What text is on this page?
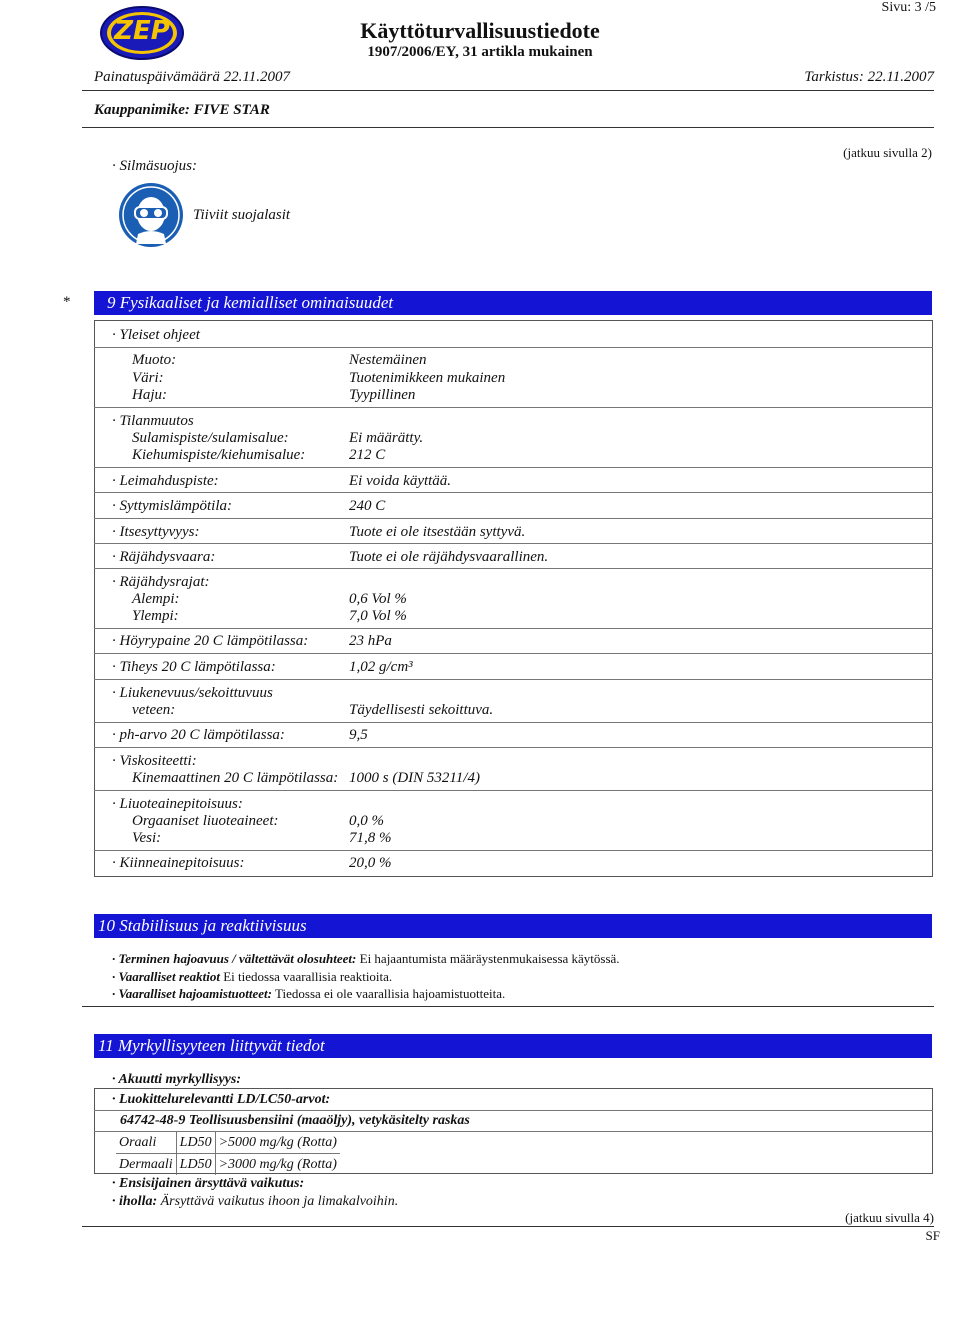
ZEP
Sivu: 3 /5
Käyttöturvallisuustiedote
1907/2006/EY, 31 artikla mukainen
Painatuspäivämäärä 22.11.2007	Tarkistus: 22.11.2007
Kauppanimike: FIVE STAR
· Silmäsuojus:
(jatkuu sivulla 2)
Tiiviit suojalasit
*	9 Fysikaaliset ja kemialliset ominaisuudet
· Yleiset ohjeet
Muoto:	Nestemäinen
Väri:	Tuotenimikkeen mukainen
Haju:	Tyypillinen
· Tilanmuutos
Sulamispiste/sulamisalue:	Ei määrätty.
Kiehumispiste/kiehumisalue:	212 C
· Leimahduspiste:	Ei voida käyttää.
· Syttymislämpötila:	240 C
· Itsesyttyvyys:	Tuote ei ole itsestään syttyvä.
· Räjähdysvaara:	Tuote ei ole räjähdysvaarallinen.
· Räjähdysrajat:
Alempi:	0,6 Vol %
Ylempi:	7,0 Vol %
· Höyrypaine 20 C lämpötilassa:	23 hPa
· Tiheys 20 C lämpötilassa:	1,02 g/cm³
· Liukenevuus/sekoittuvuus
veteen:	Täydellisesti sekoittuva.
· ph-arvo 20 C lämpötilassa:	9,5
· Viskositeetti:
Kinemaattinen 20 C lämpötilassa: 1000 s (DIN 53211/4)
· Liuoteainepitoisuus:
Orgaaniset liuoteaineet:	0,0 %
Vesi:	71,8 %
· Kiinneainepitoisuus:	20,0 %
10 Stabiilisuus ja reaktiivisuus
· Terminen hajoavuus / vältettävät olosuhteet: Ei hajaantumista määräystenmukaisessa käytössä.
· Vaaralliset reaktiot Ei tiedossa vaarallisia reaktioita.
· Vaaralliset hajoamistuotteet: Tiedossa ei ole vaarallisia hajoamistuotteita.
11 Myrkyllisyyteen liittyvät tiedot
· Akuutti myrkyllisyys:
· Luokittelurelevantti LD/LC50-arvot:
64742-48-9 Teollisuusbensiini (maaöljy), vetykäsitelty raskas
Oraali	LD50	>5000 mg/kg (Rotta)
Dermaali	LD50	>3000 mg/kg (Rotta)
· Ensisijainen ärsyttävä vaikutus:
· iholla: Ärsyttävä vaikutus ihoon ja limakalvoihin.
(jatkuu sivulla 4)
SF
